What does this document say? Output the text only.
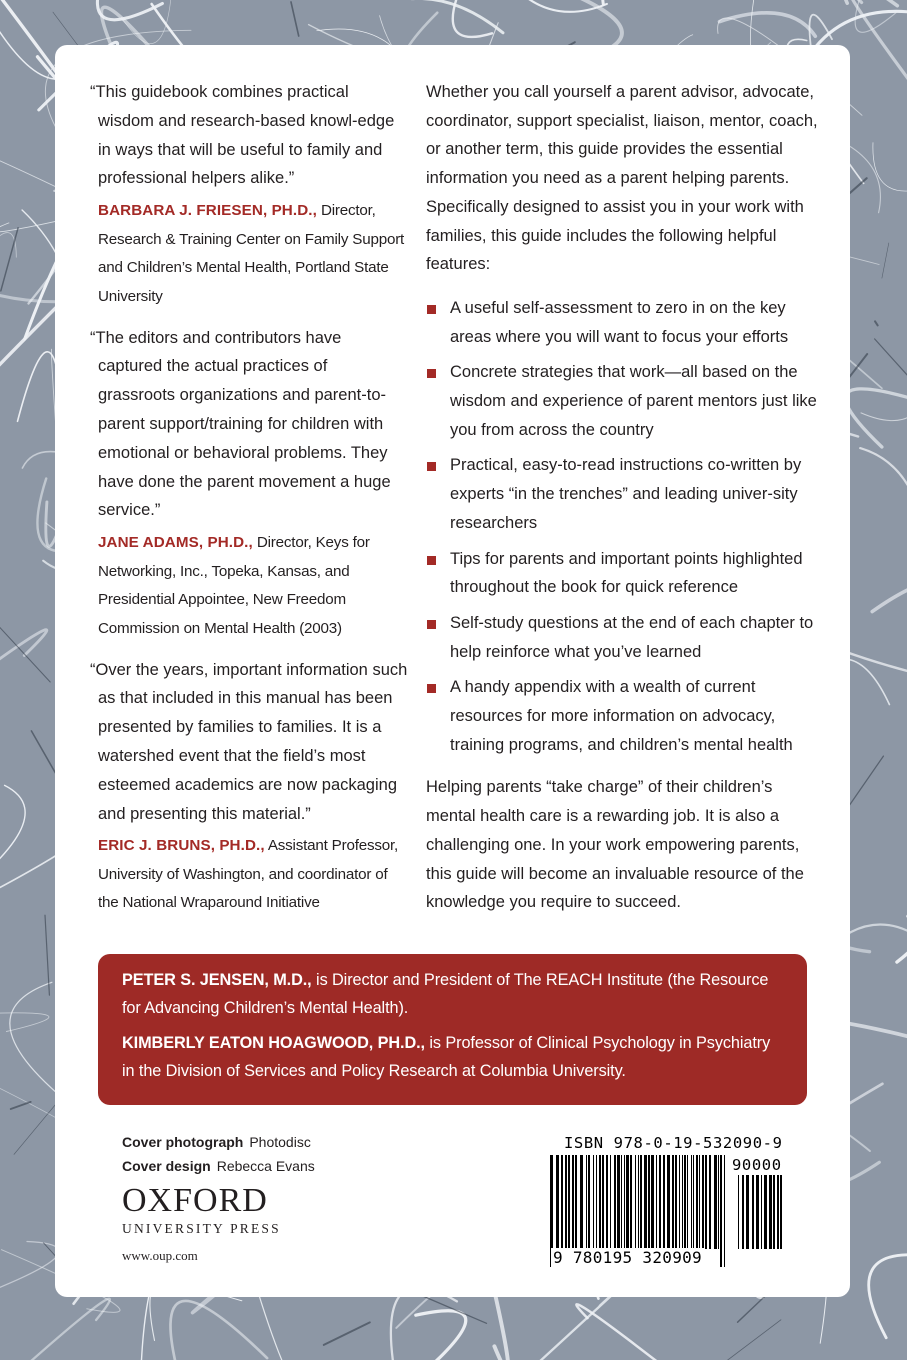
“This guidebook combines practical wisdom and research-based knowl-edge in ways that will be useful to family and professional helpers alike.”

BARBARA J. FRIESEN, PH.D., Director, Research & Training Center on Family Support and Children’s Mental Health, Portland State University

“The editors and contributors have captured the actual practices of grassroots organizations and parent-to-parent support/training for children with emotional or behavioral problems. They have done the parent movement a huge service.”

JANE ADAMS, PH.D., Director, Keys for Networking, Inc., Topeka, Kansas, and Presidential Appointee, New Freedom Commission on Mental Health (2003)

“Over the years, important information such as that included in this manual has been presented by families to families. It is a watershed event that the field’s most esteemed academics are now packaging and presenting this material.”

ERIC J. BRUNS, PH.D., Assistant Professor, University of Washington, and coordinator of the National Wraparound Initiative

Whether you call yourself a parent advisor, advocate, coordinator, support specialist, liaison, mentor, coach, or another term, this guide provides the essential information you need as a parent helping parents. Specifically designed to assist you in your work with families, this guide includes the following helpful features:

A useful self-assessment to zero in on the key areas where you will want to focus your efforts
Concrete strategies that work—all based on the wisdom and experience of parent mentors just like you from across the country
Practical, easy-to-read instructions co-written by experts “in the trenches” and leading univer-sity researchers
Tips for parents and important points highlighted throughout the book for quick reference
Self-study questions at the end of each chapter to help reinforce what you’ve learned
A handy appendix with a wealth of current resources for more information on advocacy, training programs, and children’s mental health

Helping parents “take charge” of their children’s mental health care is a rewarding job. It is also a challenging one. In your work empowering parents, this guide will become an invaluable resource of the knowledge you require to succeed.

PETER S. JENSEN, M.D., is Director and President of The REACH Institute (the Resource for Advancing Children’s Mental Health).

KIMBERLY EATON HOAGWOOD, PH.D., is Professor of Clinical Psychology in Psychiatry in the Division of Services and Policy Research at Columbia University.

Cover photograph Photodisc
Cover design Rebecca Evans

OXFORD

UNIVERSITY PRESS

www.oup.com
ISBN 978-0-19-532090-9
90000
9 780195 320909
